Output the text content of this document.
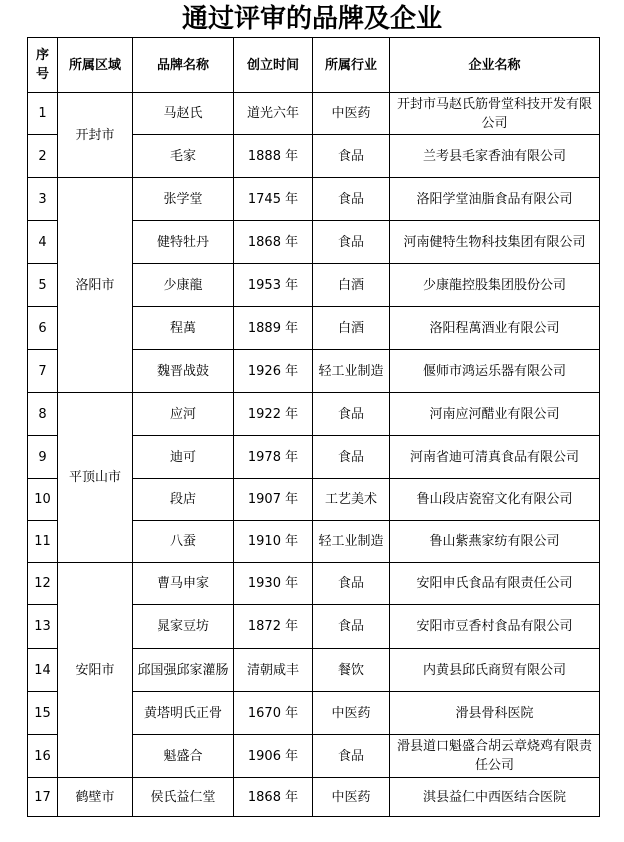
通过评审的品牌及企业
序号	所属区域	品牌名称	创立时间	所属行业	企业名称
1	开封市	马赵氏	道光六年	中医药	开封市马赵氏筋骨堂科技开发有限公司
2		毛家	1888 年	食品	兰考县毛家香油有限公司
3	洛阳市	张学堂	1745 年	食品	洛阳学堂油脂食品有限公司
4		健特牡丹	1868 年	食品	河南健特生物科技集团有限公司
5		少康龍	1953 年	白酒	少康龍控股集团股份公司
6		程萬	1889 年	白酒	洛阳程萬酒业有限公司
7		魏晋战鼓	1926 年	轻工业制造	偃师市鸿运乐器有限公司
8	平顶山市	应河	1922 年	食品	河南应河醋业有限公司
9		迪可	1978 年	食品	河南省迪可清真食品有限公司
10		段店	1907 年	工艺美术	鲁山段店瓷窑文化有限公司
11		八蚕	1910 年	轻工业制造	鲁山紫燕家纺有限公司
12	安阳市	曹马申家	1930 年	食品	安阳申氏食品有限责任公司
13		晁家豆坊	1872 年	食品	安阳市豆香村食品有限公司
14		邱国强邱家灌肠	清朝咸丰	餐饮	内黄县邱氏商贸有限公司
15		黄塔明氏正骨	1670 年	中医药	滑县骨科医院
16		魁盛合	1906 年	食品	滑县道口魁盛合胡云章烧鸡有限责任公司
17	鹤壁市	侯氏益仁堂	1868 年	中医药	淇县益仁中西医结合医院
